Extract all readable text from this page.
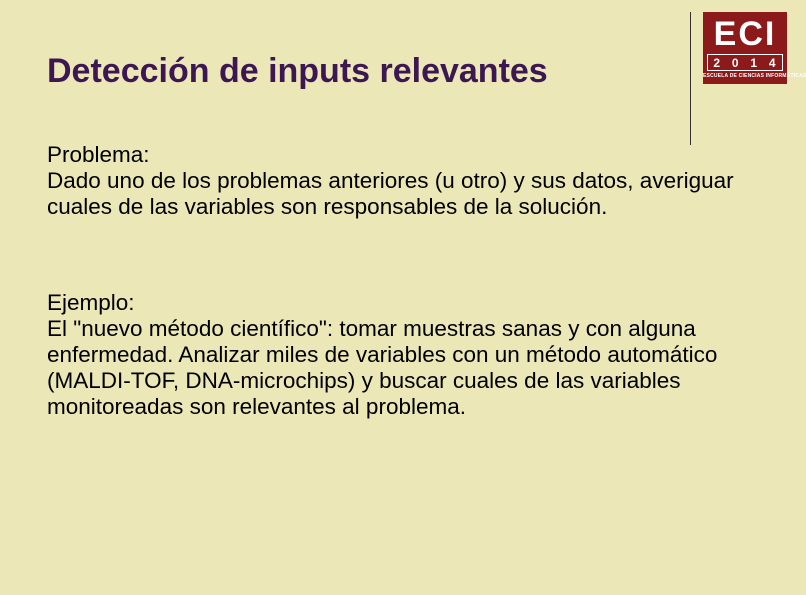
Detección de inputs relevantes
ECI
2 0 1 4
ESCUELA DE CIENCIAS INFORMÁTICAS

Problema:

Dado uno de los problemas anteriores (u otro) y sus datos, averiguar cuales de las variables son responsables de la solución.

Ejemplo:

El "nuevo método científico": tomar muestras sanas y con alguna enfermedad. Analizar miles de variables con un método automático (MALDI-TOF, DNA-microchips) y buscar cuales de las variables monitoreadas son relevantes al problema.
